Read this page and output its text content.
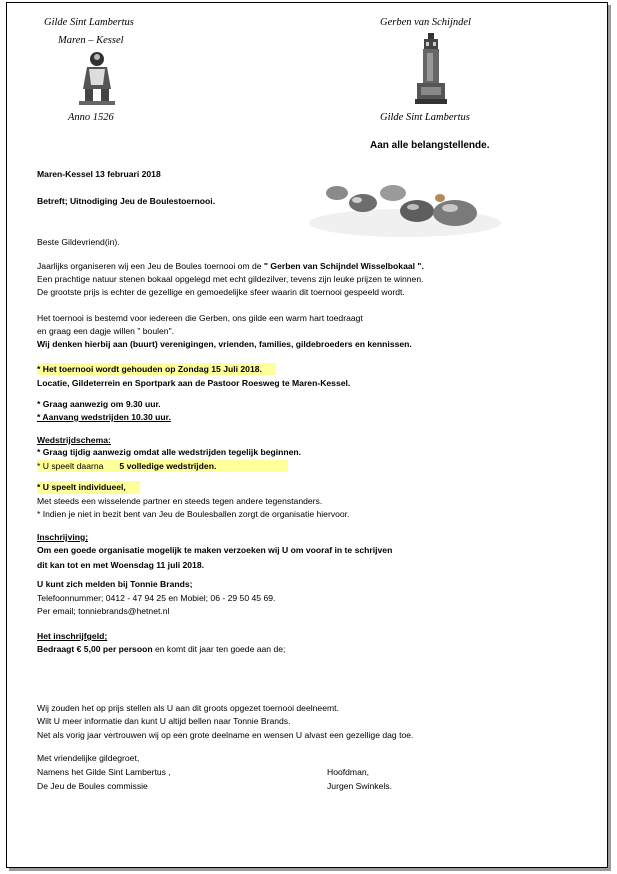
Gilde Sint Lambertus
Maren – Kessel
Anno 1526
Gerben van Schijndel
Gilde Sint Lambertus
Aan alle belangstellende.
Maren-Kessel 13 februari 2018
Betreft; Uitnodiging Jeu de Boulestoernooi.
Beste Gildevriend(in).
Jaarlijks organiseren wij een Jeu de Boules toernooi om de " Gerben van Schijndel Wisselbokaal ".
Een prachtige natuur stenen bokaal opgelegd met echt gildezilver, tevens zijn leuke prijzen te winnen.
De grootste prijs is echter de gezellige en gemoedelijke sfeer waarin dit toernooi gespeeld wordt.
Het toernooi is bestemd voor iedereen die Gerben, ons gilde een warm hart toedraagt
en graag een dagje willen " boulen".
Wij denken hierbij aan (buurt) verenigingen, vrienden, families, gildebroeders en kennissen.
* Het toernooi wordt gehouden op Zondag 15 Juli 2018.
Locatie, Gildeterrein en Sportpark aan de Pastoor Roesweg te Maren-Kessel.
* Graag aanwezig om 9.30 uur.
* Aanvang wedstrijden 10.30 uur.
Wedstrijdschema:
* Graag tijdig aanwezig omdat alle wedstrijden tegelijk beginnen.
* U speelt daarna 5 volledige wedstrijden.
* U speelt individueel,
Met steeds een wisselende partner en steeds tegen andere tegenstanders.
* Indien je niet in bezit bent van Jeu de Boulesballen zorgt de organisatie hiervoor.
Inschrijving;
Om een goede organisatie mogelijk te maken verzoeken wij U om vooraf in te schrijven
dit kan tot en met Woensdag 11 juli 2018.
U kunt zich melden bij Tonnie Brands;
Telefoonnummer; 0412 - 47 94 25 en Mobiel; 06 - 29 50 45 69.
Per email; tonniebrands@hetnet.nl
Het inschrijfgeld;
Bedraagt € 5,00 per persoon en komt dit jaar ten goede aan de;
Wij zouden het op prijs stellen als U aan dit groots opgezet toernooi deelneemt.
Wilt U meer informatie dan kunt U altijd bellen naar Tonnie Brands.
Net als vorig jaar vertrouwen wij op een grote deelname en wensen U alvast een gezellige dag toe.
Met vriendelijke gildegroet,
Namens het Gilde Sint Lambertus ,
De Jeu de Boules commissie
Hoofdman,
Jurgen Swinkels.
